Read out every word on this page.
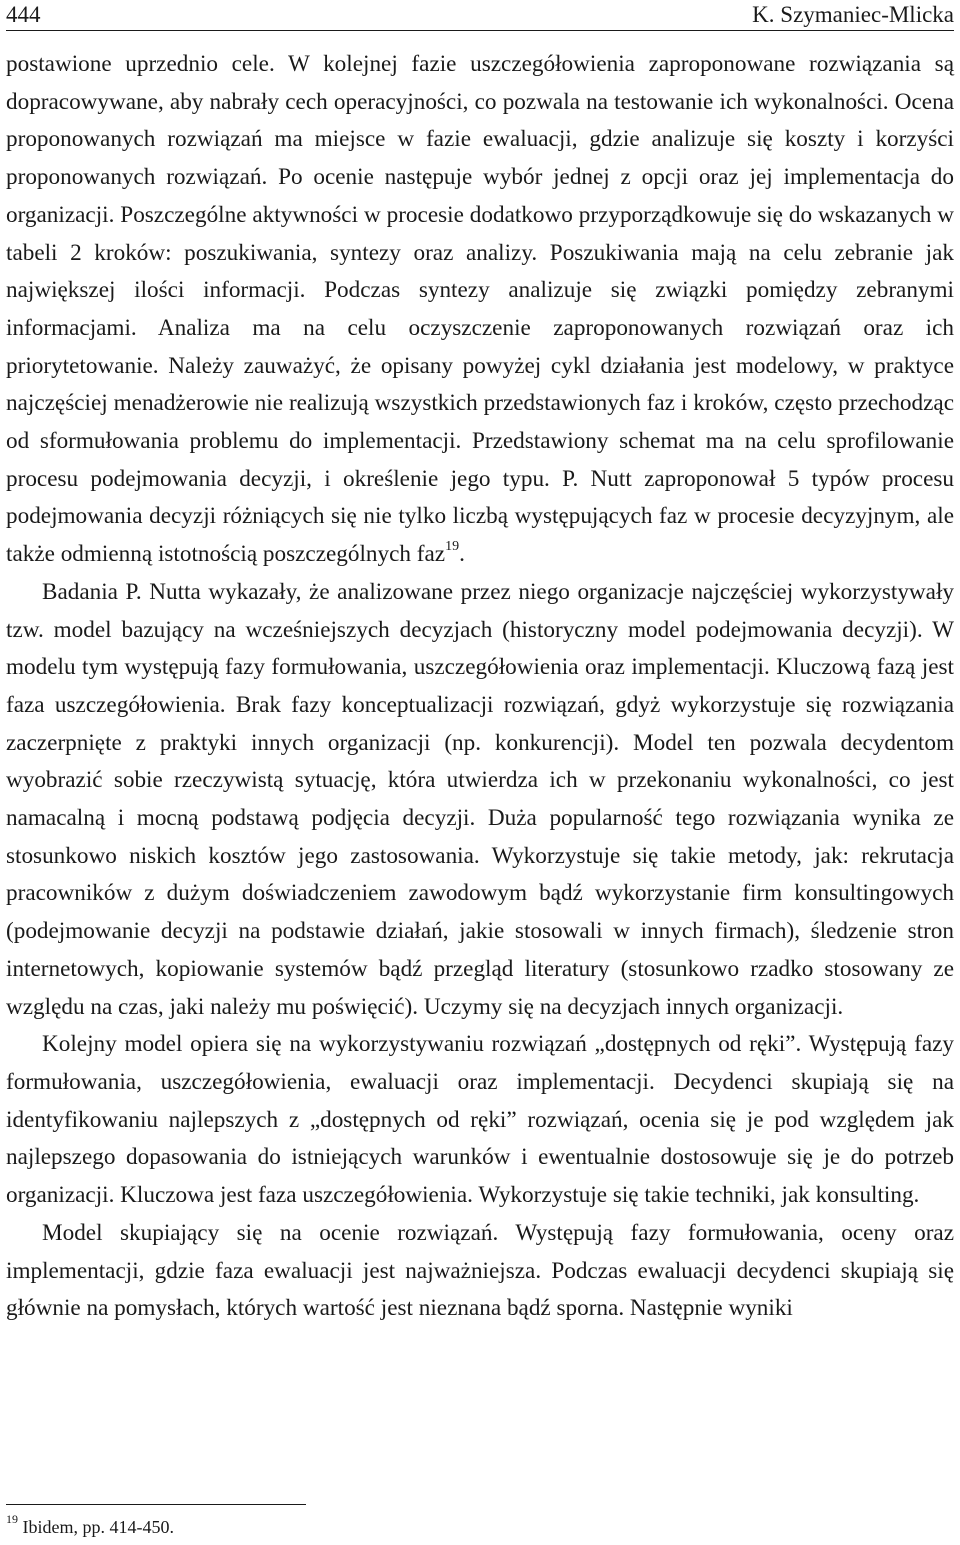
444	K. Szymaniec-Mlicka

postawione uprzednio cele. W kolejnej fazie uszczegółowienia zaproponowane rozwiązania są dopracowywane, aby nabrały cech operacyjności, co pozwala na testowanie ich wykonalności. Ocena proponowanych rozwiązań ma miejsce w fazie ewaluacji, gdzie analizuje się koszty i korzyści proponowanych rozwiązań. Po ocenie następuje wybór jednej z opcji oraz jej implementacja do organizacji. Poszczególne aktywności w procesie dodatkowo przyporządkowuje się do wskazanych w tabeli 2 kroków: poszukiwania, syntezy oraz analizy. Poszukiwania mają na celu zebranie jak największej ilości informacji. Podczas syntezy analizuje się związki pomiędzy zebranymi informacjami. Analiza ma na celu oczyszczenie zaproponowanych rozwiązań oraz ich priorytetowanie. Należy zauważyć, że opisany powyżej cykl działania jest modelowy, w praktyce najczęściej menadżerowie nie realizują wszystkich przedstawionych faz i kroków, często przechodząc od sformułowania problemu do implementacji. Przedstawiony schemat ma na celu sprofilowanie procesu podejmowania decyzji, i określenie jego typu. P. Nutt zaproponował 5 typów procesu podejmowania decyzji różniących się nie tylko liczbą występujących faz w procesie decyzyjnym, ale także odmienną istotnością poszczególnych faz$^{19}$.

Badania P. Nutta wykazały, że analizowane przez niego organizacje najczęściej wykorzystywały tzw. model bazujący na wcześniejszych decyzjach (historyczny model podejmowania decyzji). W modelu tym występują fazy formułowania, uszczegółowienia oraz implementacji. Kluczową fazą jest faza uszczegółowienia. Brak fazy konceptualizacji rozwiązań, gdyż wykorzystuje się rozwiązania zaczerpnięte z praktyki innych organizacji (np. konkurencji). Model ten pozwala decydentom wyobrazić sobie rzeczywistą sytuację, która utwierdza ich w przekonaniu wykonalności, co jest namacalną i mocną podstawą podjęcia decyzji. Duża popularność tego rozwiązania wynika ze stosunkowo niskich kosztów jego zastosowania. Wykorzystuje się takie metody, jak: rekrutacja pracowników z dużym doświadczeniem zawodowym bądź wykorzystanie firm konsultingowych (podejmowanie decyzji na podstawie działań, jakie stosowali w innych firmach), śledzenie stron internetowych, kopiowanie systemów bądź przegląd literatury (stosunkowo rzadko stosowany ze względu na czas, jaki należy mu poświęcić). Uczymy się na decyzjach innych organizacji.

Kolejny model opiera się na wykorzystywaniu rozwiązań „dostępnych od ręki”. Występują fazy formułowania, uszczegółowienia, ewaluacji oraz implementacji. Decydenci skupiają się na identyfikowaniu najlepszych z „dostępnych od ręki” rozwiązań, ocenia się je pod względem jak najlepszego dopasowania do istniejących warunków i ewentualnie dostosowuje się je do potrzeb organizacji. Kluczowa jest faza uszczegółowienia. Wykorzystuje się takie techniki, jak konsulting.

Model skupiający się na ocenie rozwiązań. Występują fazy formułowania, oceny oraz implementacji, gdzie faza ewaluacji jest najważniejsza. Podczas ewaluacji decydenci skupiają się głównie na pomysłach, których wartość jest nieznana bądź sporna. Następnie wyniki

$^{19}$ Ibidem, pp. 414-450.
